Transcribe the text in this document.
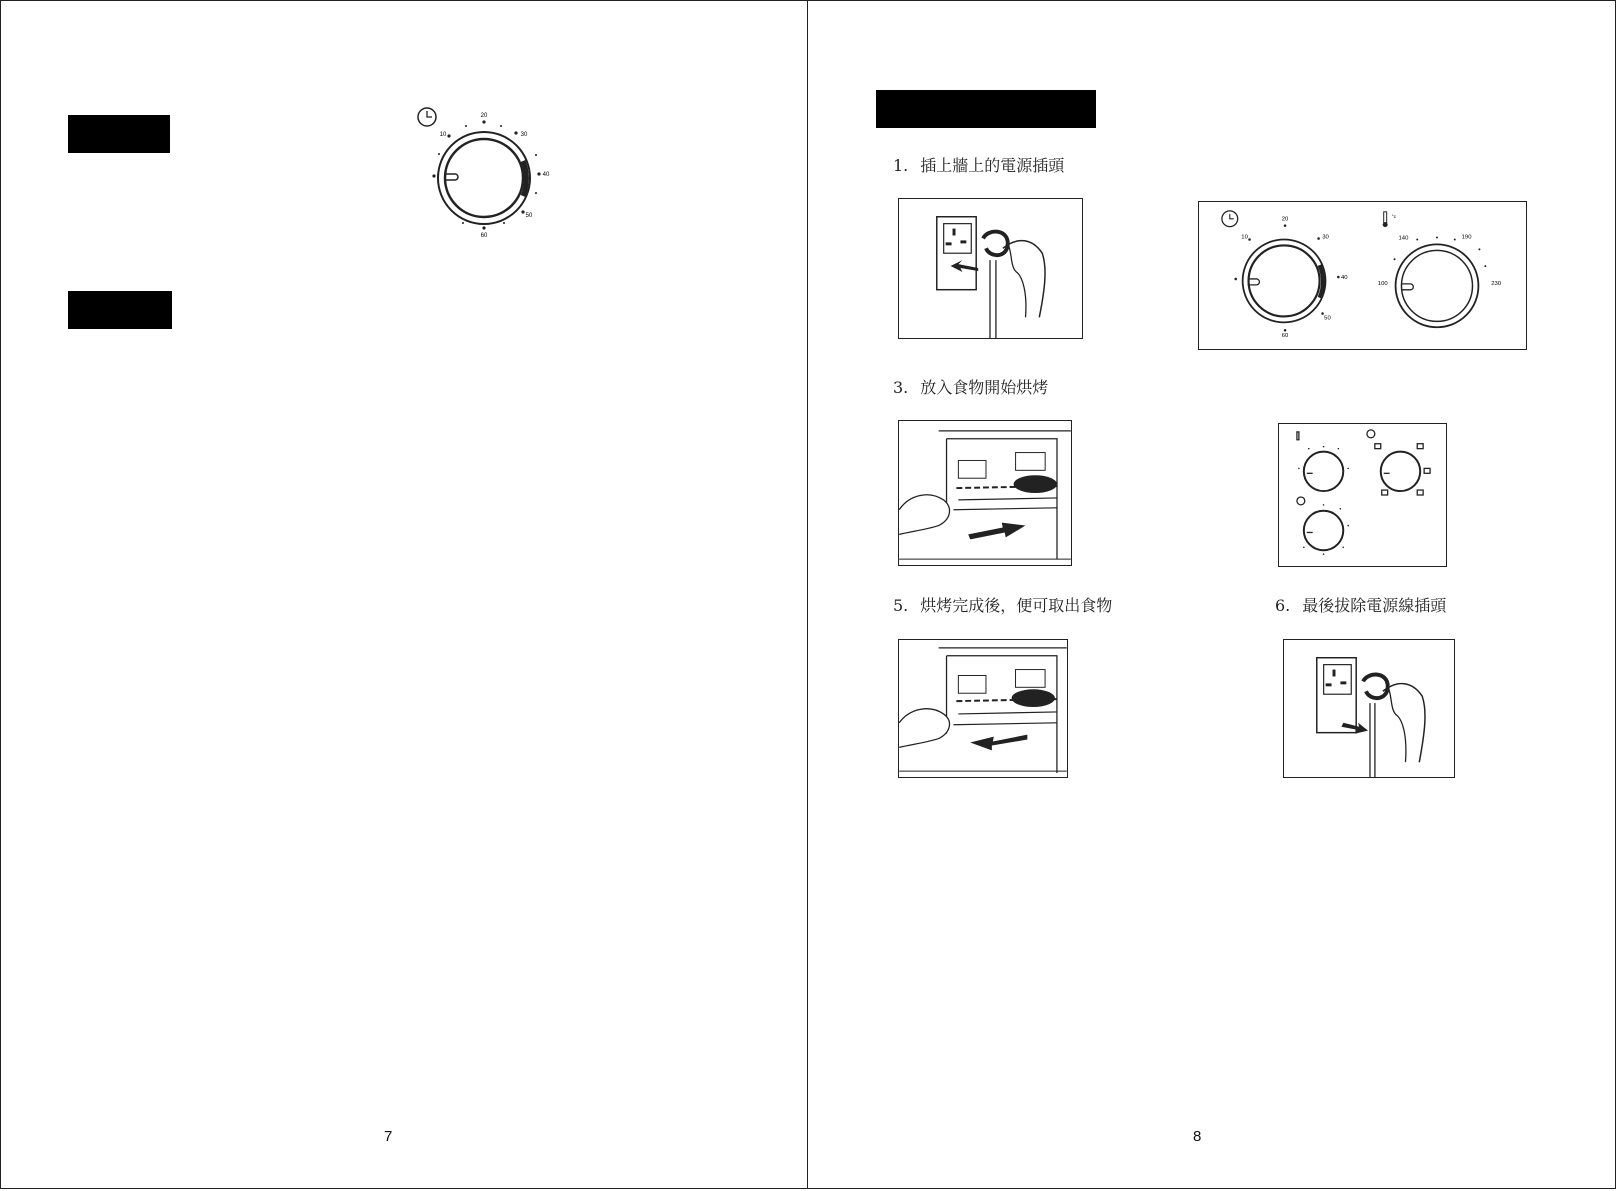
20
30
40
50
60
10
7
1. 插上牆上的電源插頭
20
30
40
50
60
10
°c
140	190
100	230
3. 放入食物開始烘烤
5. 烘烤完成後，便可取出食物	6. 最後拔除電源線插頭
8
